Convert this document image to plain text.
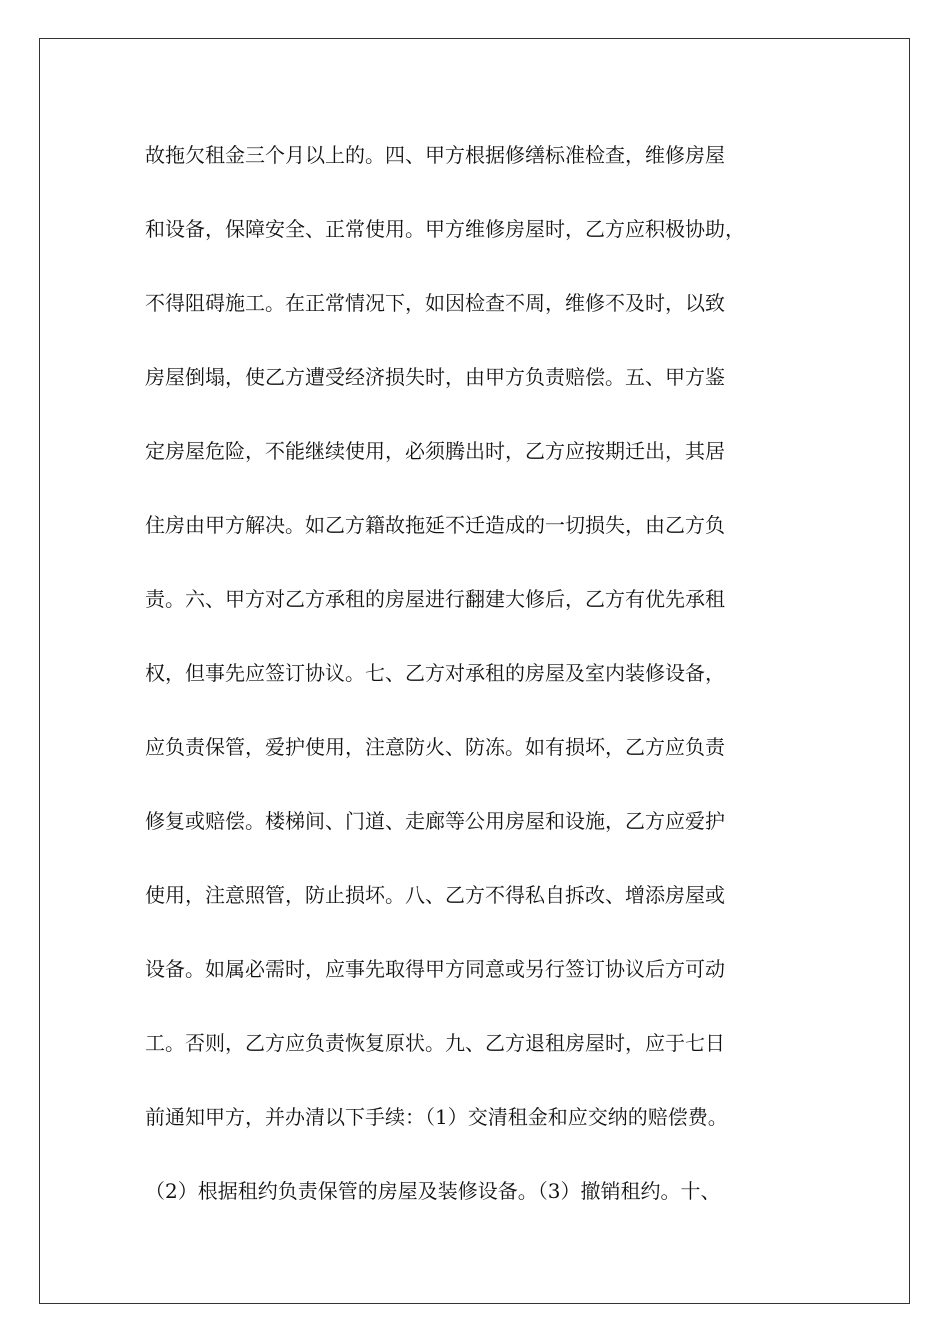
故拖欠租金三个月以上的。四、甲方根据修缮标准检查，维修房屋

和设备，保障安全、正常使用。甲方维修房屋时，乙方应积极协助，

不得阻碍施工。在正常情况下，如因检查不周，维修不及时，以致

房屋倒塌，使乙方遭受经济损失时，由甲方负责赔偿。五、甲方鉴

定房屋危险，不能继续使用，必须腾出时，乙方应按期迁出，其居

住房由甲方解决。如乙方籍故拖延不迁造成的一切损失，由乙方负

责。六、甲方对乙方承租的房屋进行翻建大修后，乙方有优先承租

权，但事先应签订协议。七、乙方对承租的房屋及室内装修设备，

应负责保管，爱护使用，注意防火、防冻。如有损坏，乙方应负责

修复或赔偿。楼梯间、门道、走廊等公用房屋和设施，乙方应爱护

使用，注意照管，防止损坏。八、乙方不得私自拆改、增添房屋或

设备。如属必需时，应事先取得甲方同意或另行签订协议后方可动

工。否则，乙方应负责恢复原状。九、乙方退租房屋时，应于七日

前通知甲方，并办清以下手续：（1）交清租金和应交纳的赔偿费。

（2）根据租约负责保管的房屋及装修设备。（3）撤销租约。十、
